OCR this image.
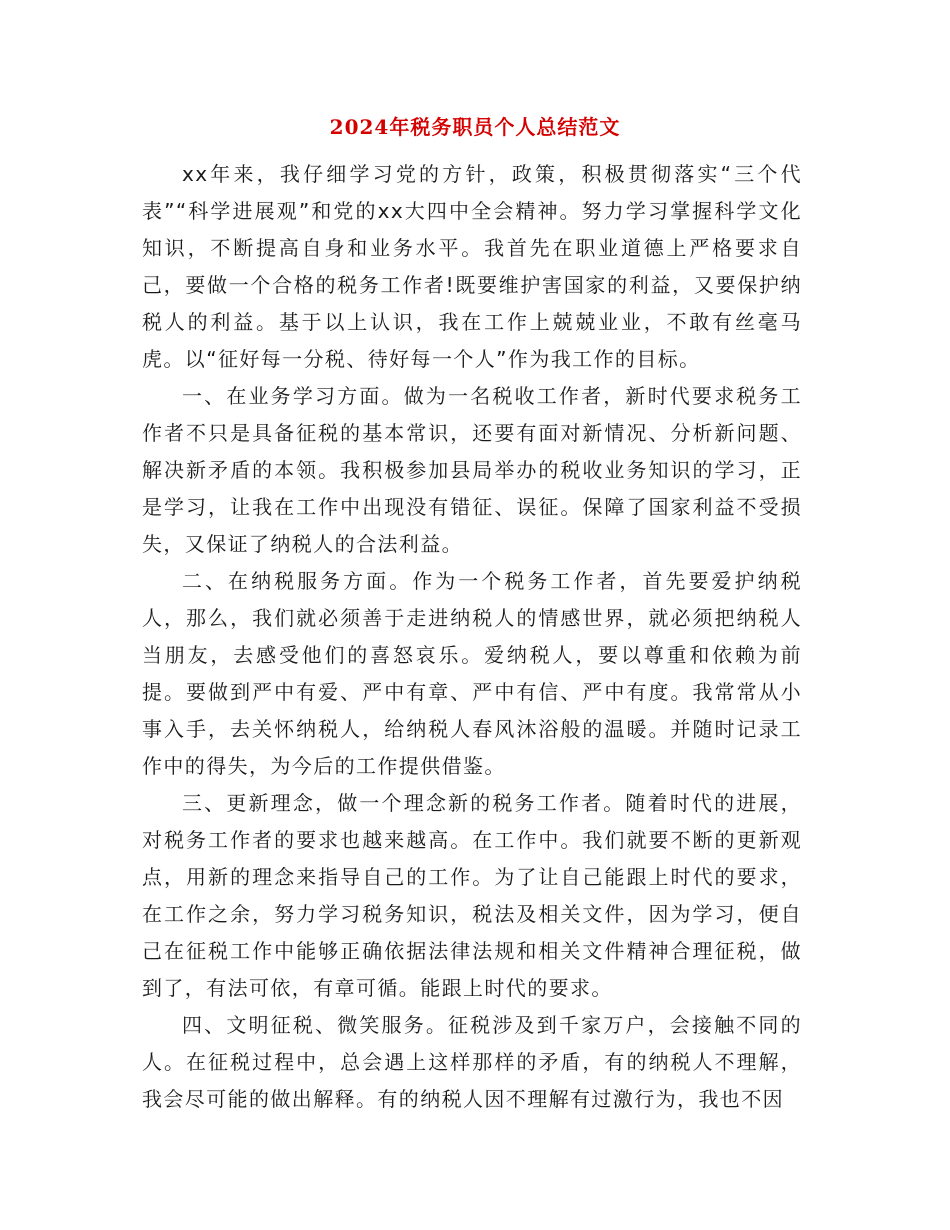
2024年税务职员个人总结范文

xx年来，我仔细学习党的方针，政策，积极贯彻落实“三个代表”“科学进展观”和党的xx大四中全会精神。努力学习掌握科学文化知识，不断提高自身和业务水平。我首先在职业道德上严格要求自己，要做一个合格的税务工作者!既要维护害国家的利益，又要保护纳税人的利益。基于以上认识，我在工作上兢兢业业，不敢有丝毫马虎。以“征好每一分税、待好每一个人”作为我工作的目标。

一、在业务学习方面。做为一名税收工作者，新时代要求税务工作者不只是具备征税的基本常识，还要有面对新情况、分析新问题、解决新矛盾的本领。我积极参加县局举办的税收业务知识的学习，正是学习，让我在工作中出现没有错征、误征。保障了国家利益不受损失，又保证了纳税人的合法利益。

二、在纳税服务方面。作为一个税务工作者，首先要爱护纳税人，那么，我们就必须善于走进纳税人的情感世界，就必须把纳税人当朋友，去感受他们的喜怒哀乐。爱纳税人，要以尊重和依赖为前提。要做到严中有爱、严中有章、严中有信、严中有度。我常常从小事入手，去关怀纳税人，给纳税人春风沐浴般的温暖。并随时记录工作中的得失，为今后的工作提供借鉴。

三、更新理念，做一个理念新的税务工作者。随着时代的进展，对税务工作者的要求也越来越高。在工作中。我们就要不断的更新观点，用新的理念来指导自己的工作。为了让自己能跟上时代的要求，在工作之余，努力学习税务知识，税法及相关文件，因为学习，便自己在征税工作中能够正确依据法律法规和相关文件精神合理征税，做到了，有法可依，有章可循。能跟上时代的要求。

四、文明征税、微笑服务。征税涉及到千家万户，会接触不同的人。在征税过程中，总会遇上这样那样的矛盾，有的纳税人不理解，我会尽可能的做出解释。有的纳税人因不理解有过激行为，我也不因
